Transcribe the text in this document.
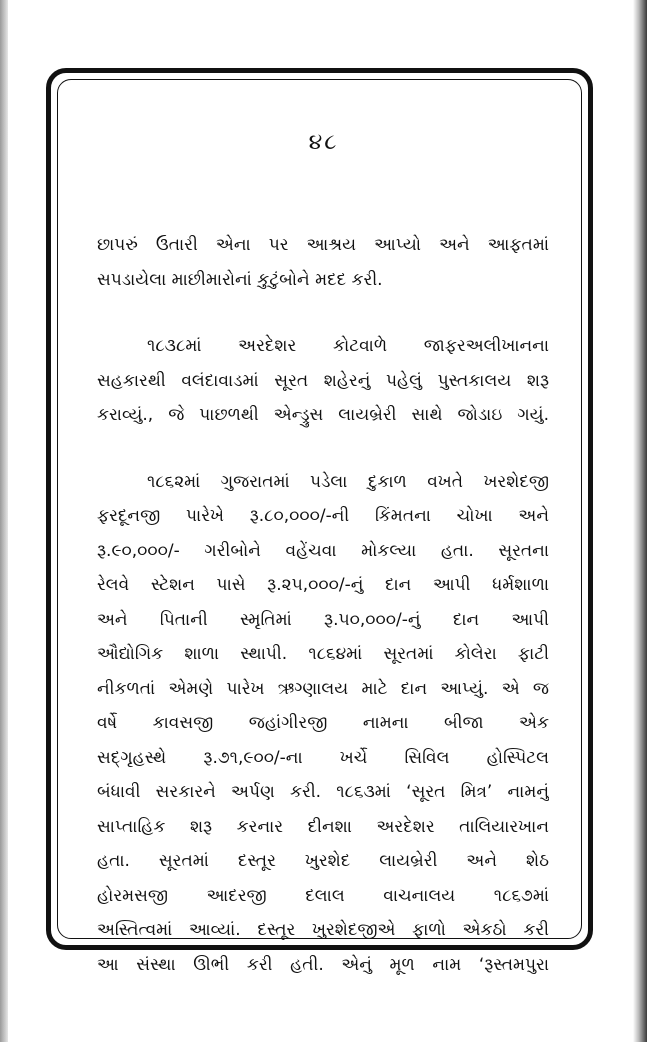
૪૮
છાપરું ઉતારી એના પર આશ્રય આપ્યો અને આફતમાં
સપડાયેલા માછીમારોનાં કુટુંબોને મદદ કરી.
૧૮૩૮માં અરદેશર કોટવાળે જાફરઅલીખાનના
સહકારથી વલંદાવાડમાં સૂરત શહેરનું પહેલું પુસ્તકાલય શરૂ
કરાવ્યું., જે પાછળથી એન્ડ્રુસ લાયબ્રેરી સાથે જોડાઇ ગયું.
૧૮૬૨માં ગુજરાતમાં પડેલા દુકાળ વખતે ખરશેદજી
ફરદૂનજી પારેખે રૂ.૮૦,૦૦૦/-ની કિંમતના ચોખા અને
રૂ.૯૦,૦૦૦/- ગરીબોને વહેંચવા મોકલ્યા હતા. સૂરતના
રેલવે સ્ટેશન પાસે રૂ.૨૫,૦૦૦/-નું દાન આપી ધર્મશાળા
અને પિતાની સ્મૃતિમાં રૂ.૫૦,૦૦૦/-નું દાન આપી
ઔદ્યોગિક શાળા સ્થાપી. ૧૮૬૪માં સૂરતમાં કોલેરા ફાટી
નીકળતાં એમણે પારેખ ઋગ્ણાલય માટે દાન આપ્યું. એ જ
વર્ષે કાવસજી જહાંગીરજી નામના બીજા એક
સદ્ગૃહસ્થે રૂ.૭૧,૯૦૦/-ના ખર્ચે સિવિલ હોસ્પિટલ
બંધાવી સરકારને અર્પણ કરી. ૧૮૬૩માં ‘સૂરત મિત્ર’ નામનું
સાપ્તાહિક શરૂ કરનાર દીનશા અરદેશર તાલિયારખાન
હતા. સૂરતમાં દસ્તૂર ખુરશેદ લાયબ્રેરી અને શેઠ
હોરમસજી આદરજી દલાલ વાચનાલય ૧૮૬૭માં
અસ્તિત્વમાં આવ્યાં. દસ્તૂર ખુરશેદજીએ ફાળો એકઠો કરી
આ સંસ્થા ઊભી કરી હતી. એનું મૂળ નામ ‘રૂસ્તમપુરા
